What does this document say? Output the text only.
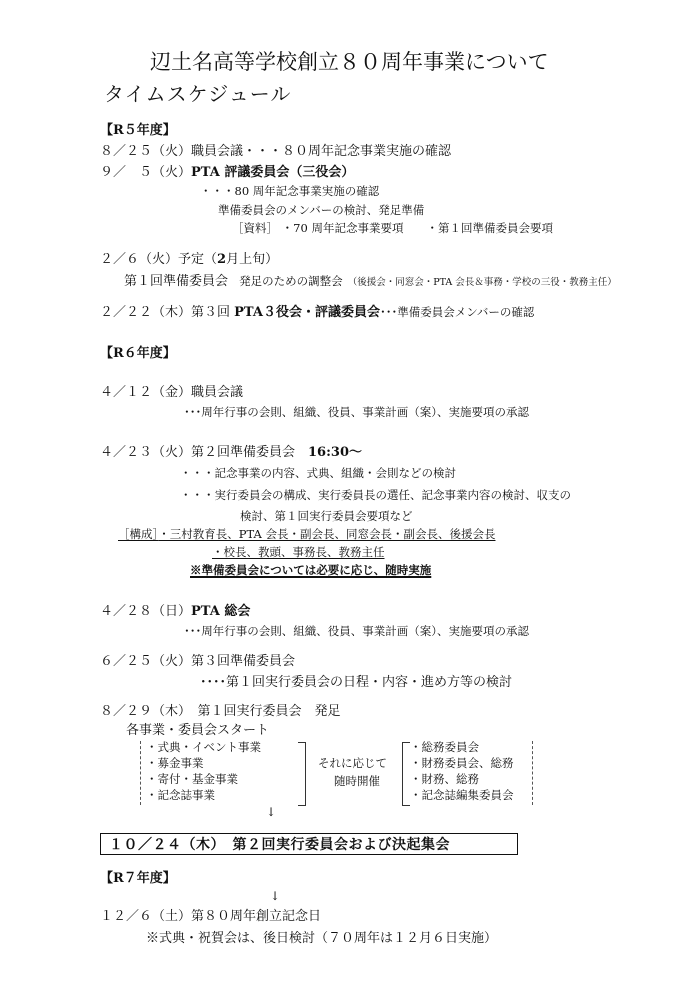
辺土名高等学校創立８０周年事業について
タイムスケジュール
【R５年度】
８／２５（火）職員会議・・・８０周年記念事業実施の確認
９／　５（火）PTA 評議委員会（三役会）
・・・80 周年記念事業実施の確認
準備委員会のメンバーの検討、発足準備
［資料］ ・70 周年記念事業要項　　・第１回準備委員会要項
２／６（火）予定（2月上旬）
第１回準備委員会 発足のための調整会 （後援会・同窓会・PTA 会長＆事務・学校の三役・教務主任）
２／２２（木）第３回 PTA３役会・評議委員会･･･準備委員会メンバーの確認
【R６年度】
４／１２（金）職員会議
･･･周年行事の会則、組織、役員、事業計画（案）、実施要項の承認
４／２３（火）第２回準備委員会　16:30～
・・・記念事業の内容、式典、組織・会則などの検討
・・・実行委員会の構成、実行委員長の選任、記念事業内容の検討、収支の
検討、第１回実行委員会要項など
［構成］・三村教育長、PTA 会長・副会長、同窓会長・副会長、後援会長
・校長、教頭、事務長、教務主任
※準備委員会については必要に応じ、随時実施
４／２８（日）PTA 総会
･･･周年行事の会則、組織、役員、事業計画（案）、実施要項の承認
６／２５（火）第３回準備委員会
････第１回実行委員会の日程・内容・進め方等の検討
８／２９（木）　第１回実行委員会　発足
各事業・委員会スタート
・式典・イベント事業
・募金事業
・寄付・基金事業
・記念誌事業
それに応じて
随時開催
・総務委員会
・財務委員会、総務
・財務、総務
・記念誌編集委員会
↓
１０／２４（木）　第２回実行委員会および決起集会
【R７年度】
↓
１２／６（土）第８０周年創立記念日
※式典・祝賀会は、後日検討（７０周年は１２月６日実施）
